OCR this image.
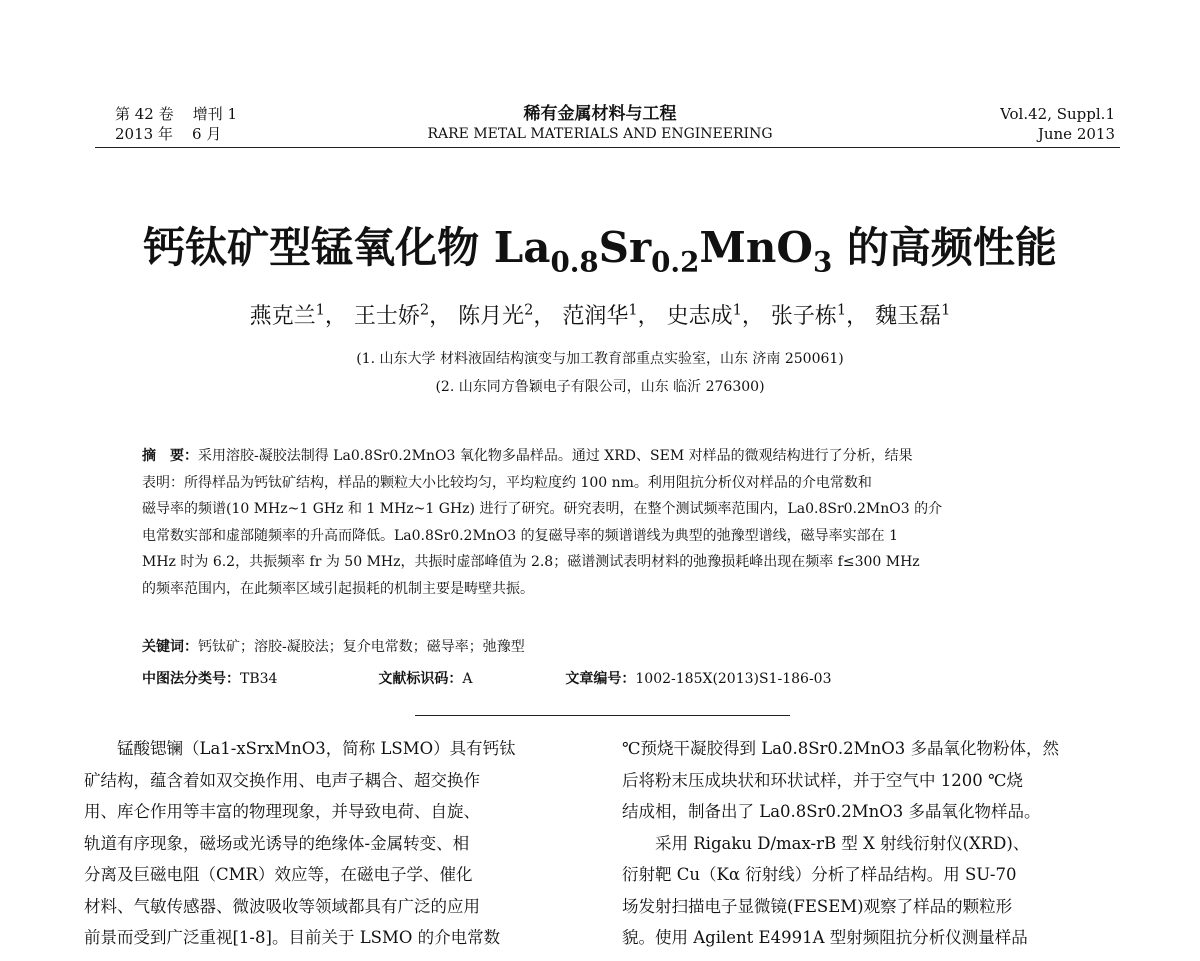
第 42 卷 增刊 1
2013 年 6 月
稀有金属材料与工程
RARE METAL MATERIALS AND ENGINEERING
Vol.42, Suppl.1
June 2013
钙钛矿型锰氧化物 $La_{0.8}Sr_{0.2}MnO_3$ 的高频性能
燕克兰$^1$， 王士娇$^2$， 陈月光$^2$， 范润华$^1$， 史志成$^1$， 张子栋$^1$， 魏玉磊$^1$
(1. 山东大学 材料液固结构演变与加工教育部重点实验室，山东 济南 250061)
(2. 山东同方鲁颖电子有限公司，山东 临沂 276300)
摘　要：采用溶胶-凝胶法制得 La0.8Sr0.2MnO3 氧化物多晶样品。通过 XRD、SEM 对样品的微观结构进行了分析，结果
表明：所得样品为钙钛矿结构，样品的颗粒大小比较均匀，平均粒度约 100 nm。利用阻抗分析仪对样品的介电常数和
磁导率的频谱(10 MHz~1 GHz 和 1 MHz~1 GHz) 进行了研究。研究表明，在整个测试频率范围内，La0.8Sr0.2MnO3 的介
电常数实部和虚部随频率的升高而降低。La0.8Sr0.2MnO3 的复磁导率的频谱谱线为典型的弛豫型谱线，磁导率实部在 1
MHz 时为 6.2，共振频率 fr 为 50 MHz，共振时虚部峰值为 2.8；磁谱测试表明材料的弛豫损耗峰出现在频率 f≤300 MHz
的频率范围内，在此频率区域引起损耗的机制主要是畴壁共振。
关键词：钙钛矿；溶胶-凝胶法；复介电常数；磁导率；弛豫型
中图法分类号：TB34	文献标识码：A	文章编号：1002-185X(2013)S1-186-03

　　锰酸锶镧（La1-xSrxMnO3，简称 LSMO）具有钙钛

矿结构，蕴含着如双交换作用、电声子耦合、超交换作

用、库仑作用等丰富的物理现象，并导致电荷、自旋、

轨道有序现象，磁场或光诱导的绝缘体-金属转变、相

分离及巨磁电阻（CMR）效应等，在磁电子学、催化

材料、气敏传感器、微波吸收等领域都具有广泛的应用

前景而受到广泛重视[1-8]。目前关于 LSMO 的介电常数

℃预烧干凝胶得到 La0.8Sr0.2MnO3 多晶氧化物粉体，然

后将粉末压成块状和环状试样，并于空气中 1200 ℃烧

结成相，制备出了 La0.8Sr0.2MnO3 多晶氧化物样品。

　　采用 Rigaku D/max-rB 型 X 射线衍射仪(XRD)、

衍射靶 Cu（Kα 衍射线）分析了样品结构。用 SU-70

场发射扫描电子显微镜(FESEM)观察了样品的颗粒形

貌。使用 Agilent E4991A 型射频阻抗分析仪测量样品
